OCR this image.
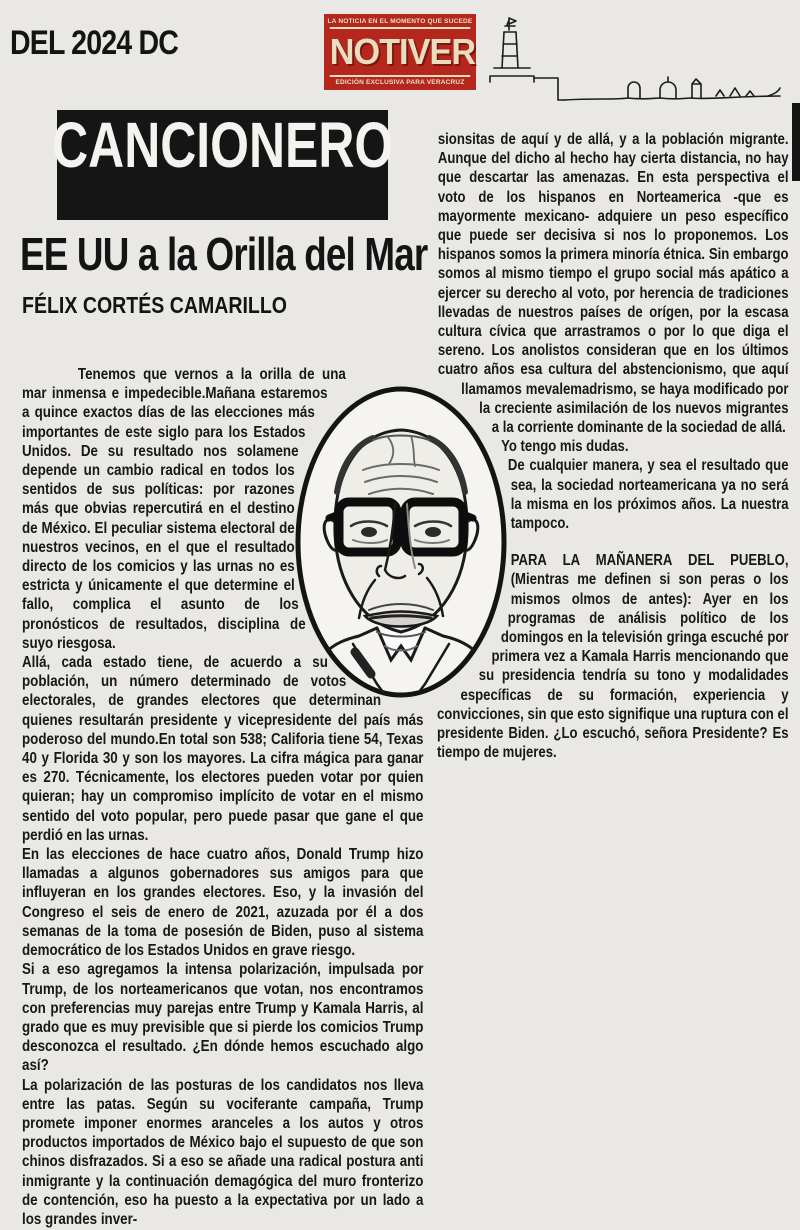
DEL 2024 DC
LA NOTICIA EN EL MOMENTO QUE SUCEDE
NOTIVER
EDICIÓN EXCLUSIVA PARA VERACRUZ
CANCIONERO
EE UU a la Orilla del Mar
FÉLIX CORTÉS CAMARILLO

Tenemos que vernos a la orilla de una mar inmensa e impedecible.Mañana estaremos a quince exactos días de las elecciones más importantes de este siglo para los Estados Unidos. De su resultado nos solamene depende un cambio radical en todos los sentidos de sus políticas: por razones más que obvias repercutirá en el destino de México. El peculiar sistema electoral de nuestros vecinos, en el que el resultado directo de los comicios y las urnas no es estricta y únicamente el que determine el fallo, complica el asunto de los pronósticos de resultados, disciplina de suyo riesgosa.

Allá, cada estado tiene, de acuerdo a su población, un número determinado de votos electorales, de grandes electores que determinan quienes resultarán presidente y vicepresidente del país más poderoso del mundo.En total son 538; Califoria tiene 54, Texas 40 y Florida 30 y son los mayores. La cifra mágica para ganar es 270. Técnicamente, los electores pueden votar por quien quieran; hay un compromiso implícito de votar en el mismo sentido del voto popular, pero puede pasar que gane el que perdió en las urnas.

En las elecciones de hace cuatro años, Donald Trump hizo llamadas a algunos gobernadores sus amigos para que influyeran en los grandes electores. Eso, y la invasión del Congreso el seis de enero de 2021, azuzada por él a dos semanas de la toma de posesión de Biden, puso al sistema democrático de los Estados Unidos en grave riesgo.

Si a eso agregamos la intensa polarización, impulsada por Trump, de los norteamericanos que votan, nos encontramos con preferencias muy parejas entre Trump y Kamala Harris, al grado que es muy previsible que si pierde los comicios Trump desconozca el resultado. ¿En dónde hemos escuchado algo así?

La polarización de las posturas de los candidatos nos lleva entre las patas. Según su vociferante campaña, Trump promete imponer enormes aranceles a los autos y otros productos importados de México bajo el supuesto de que son chinos disfrazados. Si a eso se añade una radical postura anti inmigrante y la continuación demagógica del muro fronterizo de contención, eso ha puesto a la expectativa por un lado a los grandes inver-

sionsitas de aquí y de allá, y a la población migrante. Aunque del dicho al hecho hay cierta distancia, no hay que descartar las amenazas. En esta perspectiva el voto de los hispanos en Norteamerica -que es mayormente mexicano- adquiere un peso específico que puede ser decisiva si nos lo proponemos. Los hispanos somos la primera minoría étnica. Sin embargo somos al mismo tiempo el grupo social más apático a ejercer su derecho al voto, por herencia de tradiciones llevadas de nuestros países de orígen, por la escasa cultura cívica que arrastramos o por lo que diga el sereno. Los anolistos consideran que en los últimos cuatro años esa cultura del abstencionismo, que aquí llamamos mevalemadrismo, se haya modificado por la creciente asimilación de los nuevos migrantes a la corriente dominante de la sociedad de allá.

Yo tengo mis dudas.

De cualquier manera, y sea el resultado que sea, la sociedad norteamericana ya no será la misma en los próximos años. La nuestra tampoco.

PARA LA MAÑANERA DEL PUEBLO, (Mientras me definen si son peras o los mismos olmos de antes): Ayer en los programas de análisis político de los domingos en la televisión gringa escuché por primera vez a Kamala Harris mencionando que su presidencia tendría su tono y modalidades específicas de su formación, experiencia y convicciones, sin que esto signifique una ruptura con el presidente Biden. ¿Lo escuchó, señora Presidente? Es tiempo de mujeres.
